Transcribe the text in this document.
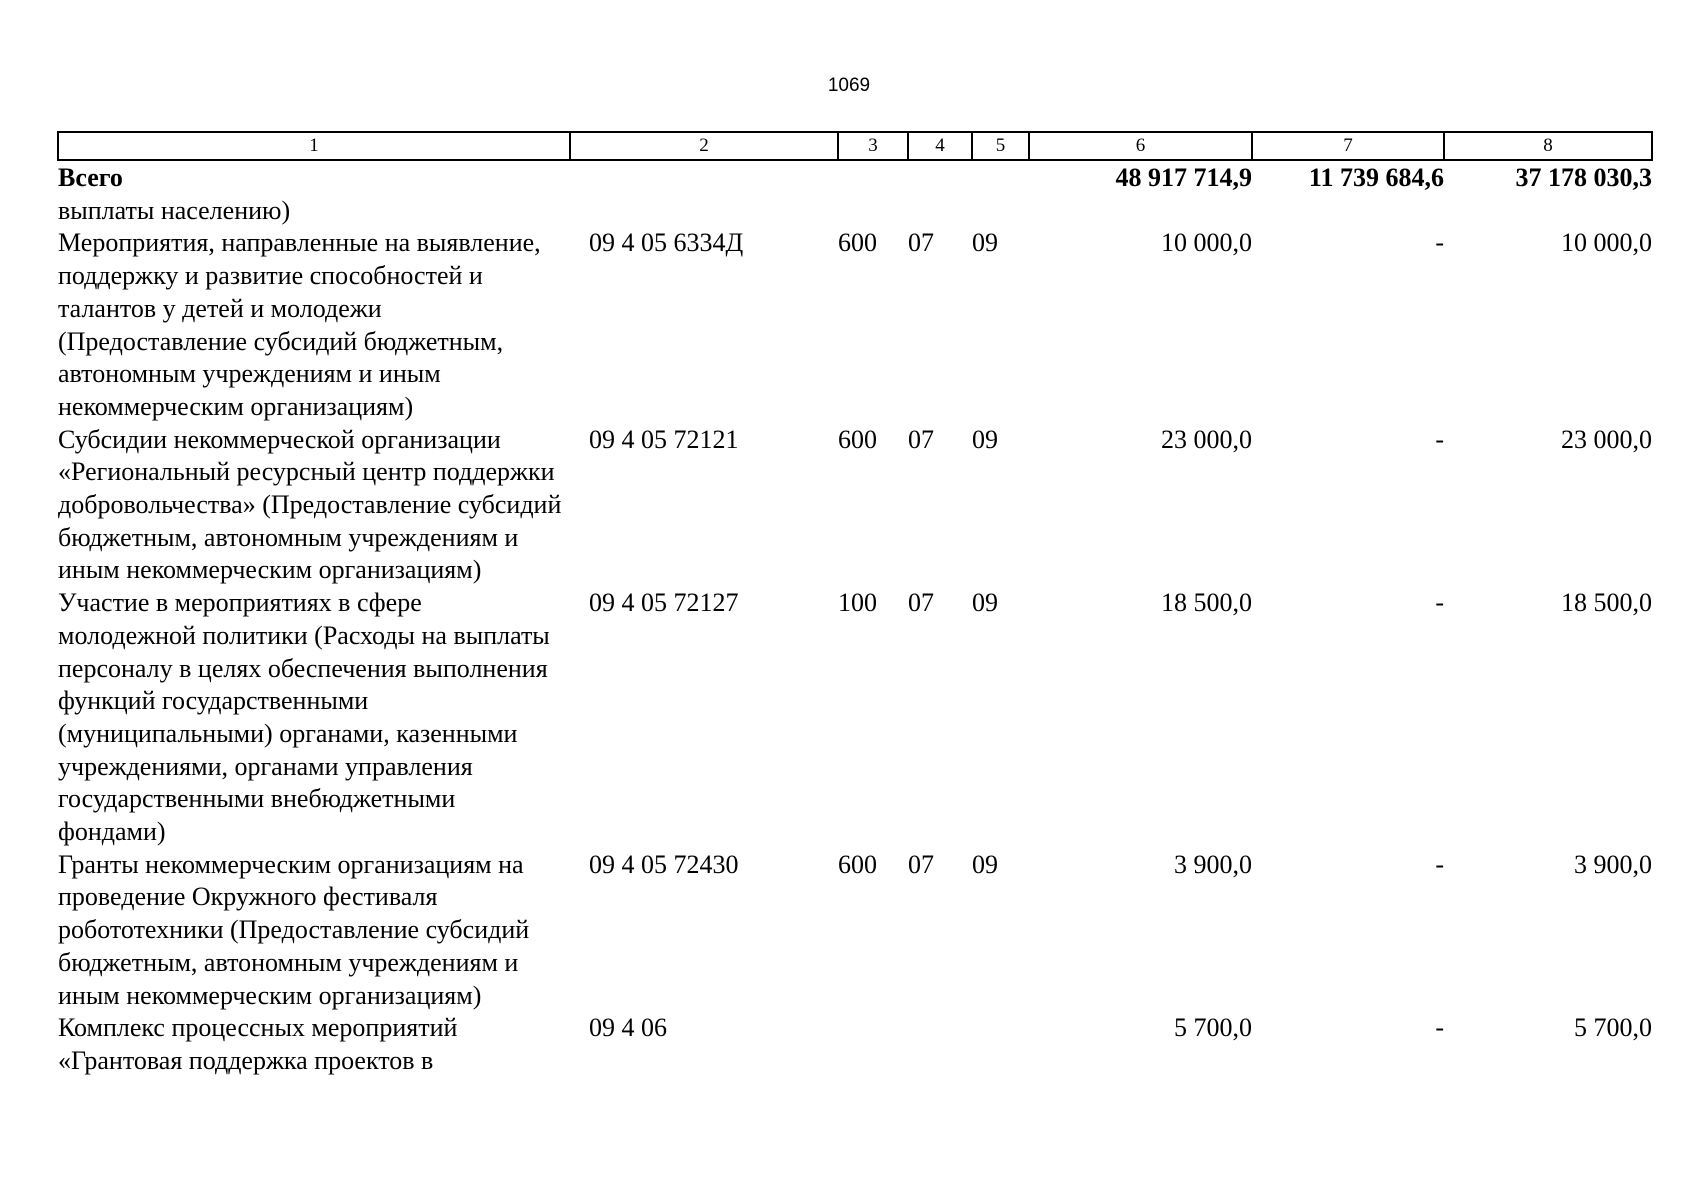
1069
1	2	3	4	5	6	7	8
Всего					48 917 714,9	11 739 684,6	37 178 030,3
выплаты населению)							
Мероприятия, направленные на выявление, поддержку и развитие способностей и талантов у детей и молодежи (Предоставление субсидий бюджетным, автономным учреждениям и иным некоммерческим организациям)	09 4 05 6334Д	600	07	09	10 000,0	-	10 000,0
Субсидии некоммерческой организации «Региональный ресурсный центр поддержки добровольчества» (Предоставление субсидий бюджетным, автономным учреждениям и иным некоммерческим организациям)	09 4 05 72121	600	07	09	23 000,0	-	23 000,0
Участие в мероприятиях в сфере молодежной политики (Расходы на выплаты персоналу в целях обеспечения выполнения функций государственными (муниципальными) органами, казенными учреждениями, органами управления государственными внебюджетными фондами)	09 4 05 72127	100	07	09	18 500,0	-	18 500,0
Гранты некоммерческим организациям на проведение Окружного фестиваля робототехники (Предоставление субсидий бюджетным, автономным учреждениям и иным некоммерческим организациям)	09 4 05 72430	600	07	09	3 900,0	-	3 900,0
Комплекс процессных мероприятий «Грантовая поддержка проектов в	09 4 06				5 700,0	-	5 700,0
